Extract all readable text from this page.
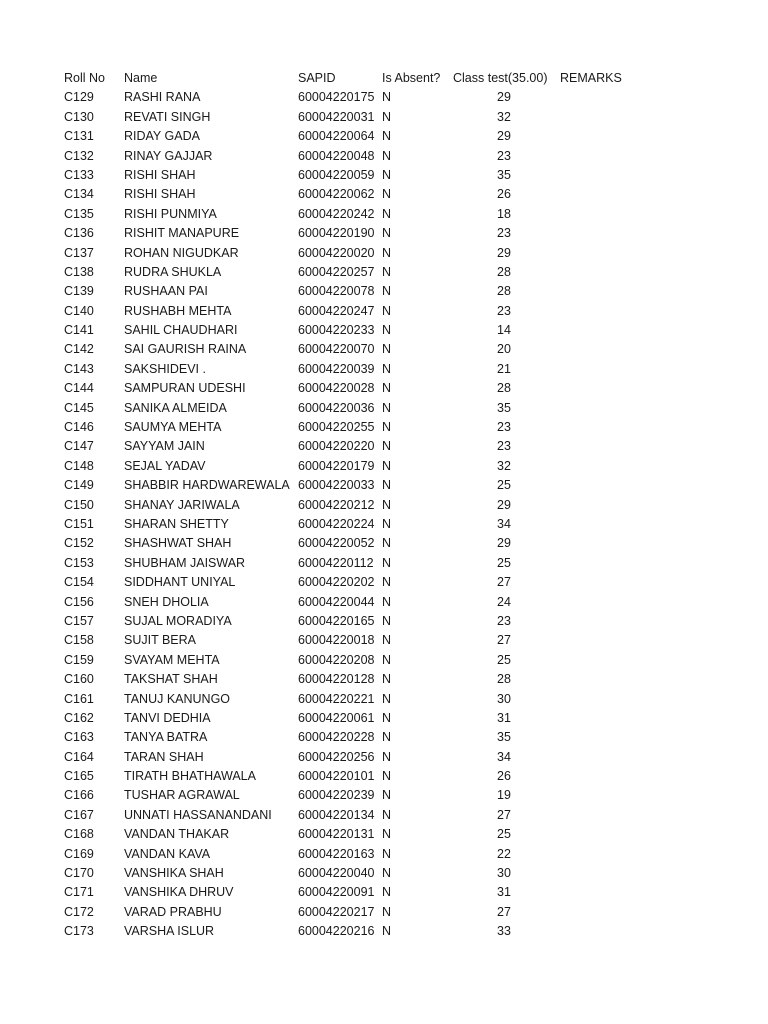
Roll No Name	SAPID	Is Absent? Class test(35.00) REMARKS
C129 RASHI RANA	60004220175 N	29
C130 REVATI SINGH	60004220031 N	32
C131 RIDAY GADA	60004220064 N	29
C132 RINAY GAJJAR	60004220048 N	23
C133 RISHI SHAH	60004220059 N	35
C134 RISHI SHAH	60004220062 N	26
C135 RISHI PUNMIYA	60004220242 N	18
C136 RISHIT MANAPURE	60004220190 N	23
C137 ROHAN NIGUDKAR	60004220020 N	29
C138 RUDRA SHUKLA	60004220257 N	28
C139 RUSHAAN PAI	60004220078 N	28
C140 RUSHABH MEHTA	60004220247 N	23
C141 SAHIL CHAUDHARI	60004220233 N	14
C142 SAI GAURISH RAINA	60004220070 N	20
C143 SAKSHIDEVI .	60004220039 N	21
C144 SAMPURAN UDESHI	60004220028 N	28
C145 SANIKA ALMEIDA	60004220036 N	35
C146 SAUMYA MEHTA	60004220255 N	23
C147 SAYYAM JAIN	60004220220 N	23
C148 SEJAL YADAV	60004220179 N	32
C149 SHABBIR HARDWAREWALA 60004220033 N	25
C150 SHANAY JARIWALA	60004220212 N	29
C151 SHARAN SHETTY	60004220224 N	34
C152 SHASHWAT SHAH	60004220052 N	29
C153 SHUBHAM JAISWAR	60004220112 N	25
C154 SIDDHANT UNIYAL	60004220202 N	27
C156 SNEH DHOLIA	60004220044 N	24
C157 SUJAL MORADIYA	60004220165 N	23
C158 SUJIT BERA	60004220018 N	27
C159 SVAYAM MEHTA	60004220208 N	25
C160 TAKSHAT SHAH	60004220128 N	28
C161 TANUJ KANUNGO	60004220221 N	30
C162 TANVI DEDHIA	60004220061 N	31
C163 TANYA BATRA	60004220228 N	35
C164 TARAN SHAH	60004220256 N	34
C165 TIRATH BHATHAWALA	60004220101 N	26
C166 TUSHAR AGRAWAL	60004220239 N	19
C167 UNNATI HASSANANDANI 60004220134 N	27
C168 VANDAN THAKAR	60004220131 N	25
C169 VANDAN KAVA	60004220163 N	22
C170 VANSHIKA SHAH	60004220040 N	30
C171 VANSHIKA DHRUV	60004220091 N	31
C172 VARAD PRABHU	60004220217 N	27
C173 VARSHA ISLUR	60004220216 N	33
